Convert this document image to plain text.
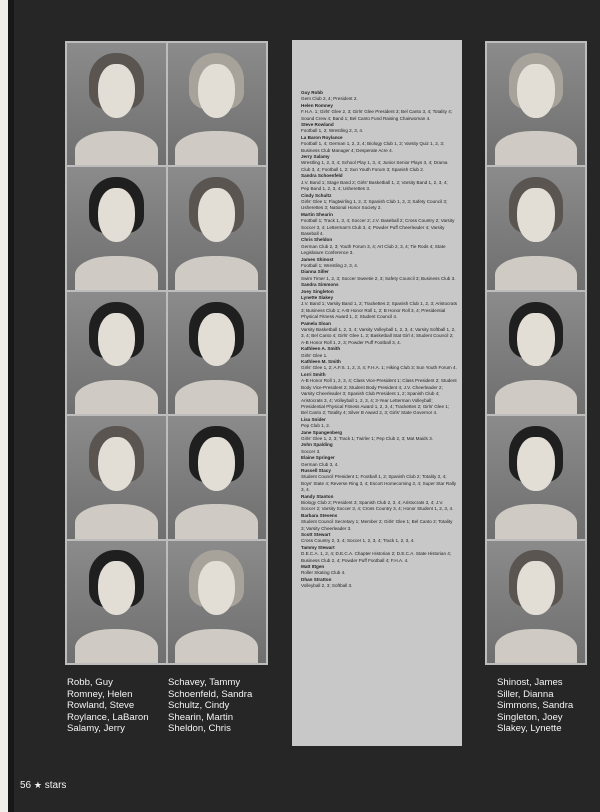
Robb, Guy
Romney, Helen
Rowland, Steve
Roylance, LaBaron
Salamy, Jerry
Schavey, Tammy
Schoenfeld, Sandra
Schultz, Cindy
Shearin, Martin
Sheldon, Chris
Guy Robb
Gem Club 2, 4; President 2.
Helen Romney
F.H.A. 1; Girls' Glee 2, 3; Girls' Glee President 3; Bel Canto 3, 4; Totality 4; Sound Crew 4; Band 1; Bel Canto Fund Raising Chairwoman 4.
Steve Rowland
Football 1, 2; Wrestling 2, 3, 4.
La Baron Roylance
Football 1, 4; German 1, 2, 3, 4; Biology Club 1, 2; Varsity Quiz 1, 2, 3; Business Club Manager 4; Desperate Acre 4.
Jerry Salamy
Wrestling 1, 2, 3, 4; School Play 1, 3, 4; Junior Senior Plays 3, 4; Drama Club 3, 4; Football 1, 2; Sun Youth Forum 3; Spanish Club 2.
Sandra Schoenfeld
J.V. Band 1; Stage Band 2; Girls' Basketball 1, 2; Varsity Band 1, 2, 3, 4; Pep Band 1, 2, 3, 4; Usherettes 3.
Cindy Schultz
Girls' Glee 1; Flagtwirling 1, 2, 3; Spanish Club 1, 2, 3; Safety Council 3; Usherettes 3; National Honor Society 2.
Martin Shearin
Football 1; Track 1, 3, 4; Soccer 2; J.V. Baseball 2; Cross Country 2; Varsity Soccer 3, 4; Letterman's Club 3, 4; Powder Puff Cheerleader 4; Varsity Baseball 4.
Chris Sheldon
German Club 2, 3; Youth Forum 3, 4; Art Club 2, 3, 4; Tie Rods 4; State Legislature Conference 3.
James Shinost
Football 1; Wrestling 2, 3, 4.
Dianna Siller
Swim Timer 1, 2, 3; Soccer Sweetie 2, 3; Safety Council 3; Business Club 3.
Sandra Simmons
Joey Singleton
Lynette Slakey
J.V. Band 1; Varsity Band 1, 2; Trackettes 2; Spanish Club 1, 2, 3; Aristocrats 3; Business Club 1; A-B Honor Roll 1, 2; B Honor Roll 3, 4; Presidential Physical Fitness Award 1, 2; Student Council 4.
Pamela Sloan
Varsity Basketball 1, 2, 3, 4; Varsity Volleyball 1, 2, 3, 4; Varsity Softball 1, 2, 3, 4; Bel Canto 4; Girls' Glee 1, 2; Basketball Stat Girl 4; Student Council 2; A-B Honor Roll 1, 2, 3; Powder Puff Football 3, 4.
Kathleen A. Smith
Girls' Glee 1.
Kathleen M. Smith
Girls' Glee 1, 2; A.F.S. 1, 2, 3, 4; F.H.A. 1; Hiking Club 3; Sun Youth Forum 4.
Lorri Smith
A-B Honor Roll 1, 2, 3, 4; Class Vice-President 1; Class President 2; Student Body Vice-President 2; Student Body President 4; J.V. Cheerleader 2; Varsity Cheerleader 3; Spanish Club President 1, 2; Spanish Club 4; Aristocrats 3, 4; Volleyball 1, 2, 3, 4; 3-Year Letterman Volleyball; Presidential Physical Fitness Award 1, 2, 3, 4; Trackettes 2; Girls' Glee 1; Bel Canto 2; Totality 4; Silver B Award 2, 3; Girls' State Governor 4.
Lisa Snider
Pep Club 1, 2.
Jane Spangenberg
Girls' Glee 1, 2, 3; Track 1; Twirler 1; Pep Club 2, 3; Mat Maids 3.
John Spalding
Soccer 3.
Elaine Springer
German Club 3, 4.
Russell Stacy
Student Council President 1; Football 1, 2; Spanish Club 2; Totality 3, 4; Boys' State 4; Reverse Ring 3, 4; Escort Homecoming 3, 4; Super Star Rally 3, 4.
Randy Stanton
Biology Club 2; President 3; Spanish Club 2, 3, 4; Aristocrats 3, 4; J.V. Soccer 2; Varsity Soccer 3, 4; Cross Country 3, 4; Honor Student 1, 2, 3, 4.
Barbara Stevens
Student Council Secretary 1; Member 2; Girls' Glee 1; Bel Canto 2; Totality 3; Varsity Cheerleader 3.
Scott Stewart
Cross Country 2, 3, 4; Soccer 1, 2, 3, 4; Track 1, 2, 3, 4.
Tammy Stewart
D.E.C.A. 1, 2, 4; D.E.C.A. Chapter Historian 2; D.E.C.A. State Historian 4; Business Club 2, 4; Powder Puff Football 4; F.H.A. 4.
Matt Ittgen
Roller Skating Club 4.
Dhan Stratton
Volleyball 2, 3; Softball 3.
Shinost, James
Siller, Dianna
Simmons, Sandra
Singleton, Joey
Slakey, Lynette
56 ★ stars
